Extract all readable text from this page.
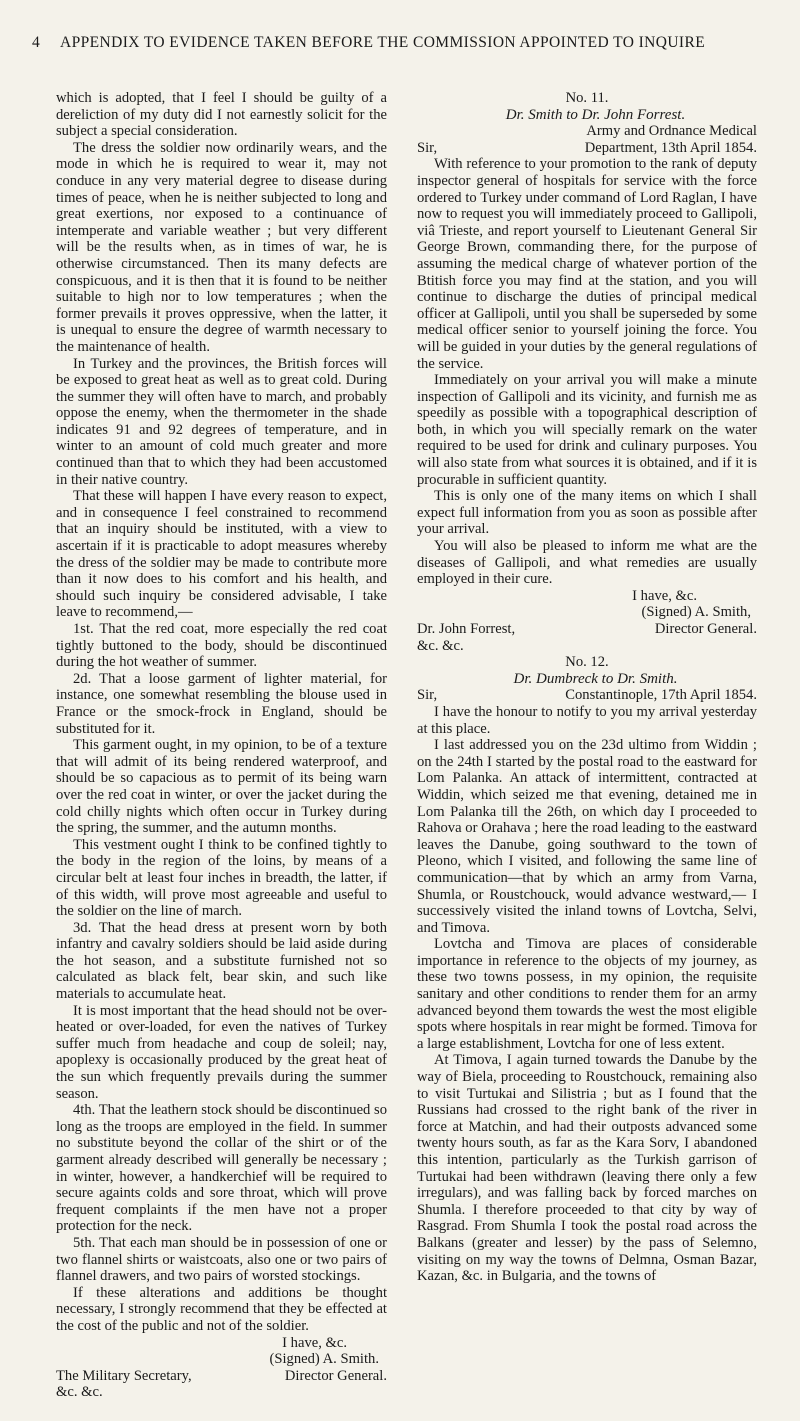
4 APPENDIX TO EVIDENCE TAKEN BEFORE THE COMMISSION APPOINTED TO INQUIRE

which is adopted, that I feel I should be guilty of a dereliction of my duty did I not earnestly solicit for the subject a special consideration.

The dress the soldier now ordinarily wears, and the mode in which he is required to wear it, may not conduce in any very material degree to disease during times of peace, when he is neither subjected to long and great exertions, nor exposed to a continuance of intemperate and variable weather ; but very different will be the results when, as in times of war, he is otherwise circumstanced. Then its many defects are conspicuous, and it is then that it is found to be neither suitable to high nor to low temperatures ; when the former prevails it proves oppressive, when the latter, it is unequal to ensure the degree of warmth necessary to the maintenance of health.

In Turkey and the provinces, the British forces will be exposed to great heat as well as to great cold. During the summer they will often have to march, and probably oppose the enemy, when the thermometer in the shade indicates 91 and 92 degrees of temperature, and in winter to an amount of cold much greater and more continued than that to which they had been accustomed in their native country.

That these will happen I have every reason to expect, and in consequence I feel constrained to recommend that an inquiry should be instituted, with a view to ascertain if it is practicable to adopt measures whereby the dress of the soldier may be made to contribute more than it now does to his comfort and his health, and should such inquiry be considered advisable, I take leave to recommend,—

1st. That the red coat, more especially the red coat tightly buttoned to the body, should be discontinued during the hot weather of summer.

2d. That a loose garment of lighter material, for instance, one somewhat resembling the blouse used in France or the smock-frock in England, should be substituted for it.

This garment ought, in my opinion, to be of a texture that will admit of its being rendered waterproof, and should be so capacious as to permit of its being warn over the red coat in winter, or over the jacket during the cold chilly nights which often occur in Turkey during the spring, the summer, and the autumn months.

This vestment ought I think to be confined tightly to the body in the region of the loins, by means of a circular belt at least four inches in breadth, the latter, if of this width, will prove most agreeable and useful to the soldier on the line of march.

3d. That the head dress at present worn by both infantry and cavalry soldiers should be laid aside during the hot season, and a substitute furnished not so calculated as black felt, bear skin, and such like materials to accumulate heat.

It is most important that the head should not be over-heated or over-loaded, for even the natives of Turkey suffer much from headache and coup de soleil; nay, apoplexy is occasionally produced by the great heat of the sun which frequently prevails during the summer season.

4th. That the leathern stock should be discontinued so long as the troops are employed in the field. In summer no substitute beyond the collar of the shirt or of the garment already described will generally be necessary ; in winter, however, a handkerchief will be required to secure againts colds and sore throat, which will prove frequent complaints if the men have not a proper protection for the neck.

5th. That each man should be in possession of one or two flannel shirts or waistcoats, also one or two pairs of flannel drawers, and two pairs of worsted stockings.

If these alterations and additions be thought necessary, I strongly recommend that they be effected at the cost of the public and not of the soldier.

I have, &c.

(Signed) A. Smith.

The Military Secretary,	Director General.

&c. &c.

No. 11.

Dr. Smith to Dr. John Forrest.

Army and Ordnance Medical

Sir,	Department, 13th April 1854.

With reference to your promotion to the rank of deputy inspector general of hospitals for service with the force ordered to Turkey under command of Lord Raglan, I have now to request you will immediately proceed to Gallipoli, viâ Trieste, and report yourself to Lieutenant General Sir George Brown, commanding there, for the purpose of assuming the medical charge of whatever portion of the Btitish force you may find at the station, and you will continue to discharge the duties of principal medical officer at Gallipoli, until you shall be superseded by some medical officer senior to yourself joining the force. You will be guided in your duties by the general regulations of the service.

Immediately on your arrival you will make a minute inspection of Gallipoli and its vicinity, and furnish me as speedily as possible with a topographical description of both, in which you will specially remark on the water required to be used for drink and culinary purposes. You will also state from what sources it is obtained, and if it is procurable in sufficient quantity.

This is only one of the many items on which I shall expect full information from you as soon as possible after your arrival.

You will also be pleased to inform me what are the diseases of Gallipoli, and what remedies are usually employed in their cure.

I have, &c.

(Signed) A. Smith,

Dr. John Forrest,	Director General.

&c. &c.

No. 12.

Dr. Dumbreck to Dr. Smith.

Sir,	Constantinople, 17th April 1854.

I have the honour to notify to you my arrival yesterday at this place.

I last addressed you on the 23d ultimo from Widdin ; on the 24th I started by the postal road to the eastward for Lom Palanka. An attack of intermittent, contracted at Widdin, which seized me that evening, detained me in Lom Palanka till the 26th, on which day I proceeded to Rahova or Orahava ; here the road leading to the eastward leaves the Danube, going southward to the town of Pleono, which I visited, and following the same line of communication—that by which an army from Varna, Shumla, or Roustchouck, would advance westward,— I successively visited the inland towns of Lovtcha, Selvi, and Timova.

Lovtcha and Timova are places of considerable importance in reference to the objects of my journey, as these two towns possess, in my opinion, the requisite sanitary and other conditions to render them for an army advanced beyond them towards the west the most eligible spots where hospitals in rear might be formed. Timova for a large establishment, Lovtcha for one of less extent.

At Timova, I again turned towards the Danube by the way of Biela, proceeding to Roustchouck, remaining also to visit Turtukai and Silistria ; but as I found that the Russians had crossed to the right bank of the river in force at Matchin, and had their outposts advanced some twenty hours south, as far as the Kara Sorv, I abandoned this intention, particularly as the Turkish garrison of Turtukai had been withdrawn (leaving there only a few irregulars), and was falling back by forced marches on Shumla. I therefore proceeded to that city by way of Rasgrad. From Shumla I took the postal road across the Balkans (greater and lesser) by the pass of Selemno, visiting on my way the towns of Delmna, Osman Bazar, Kazan, &c. in Bulgaria, and the towns of
